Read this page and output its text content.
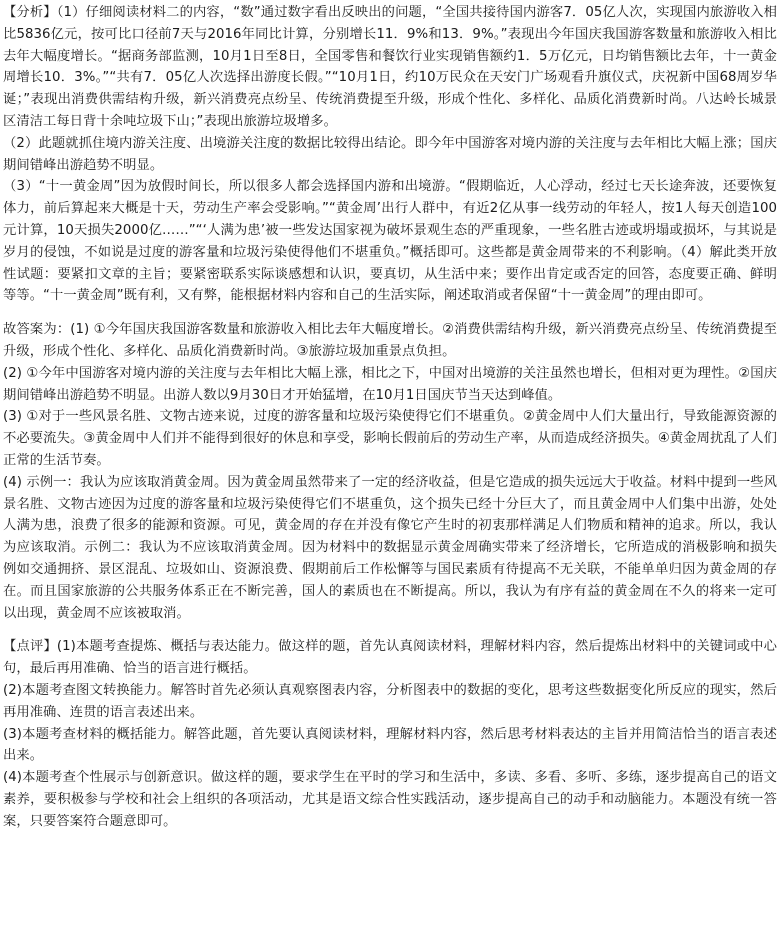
【分析】（1）仔细阅读材料二的内容，“数”通过数字看出反映出的问题，“全国共接待国内游客7．05亿人次，实现国内旅游收入相比5836亿元，按可比口径前7天与2016年同比计算，分别增长11．9%和13．9%。”表现出今年国庆我国游客数量和旅游收入相比去年大幅度增长。“据商务部监测，10月1日至8日，全国零售和餐饮行业实现销售额约1．5万亿元，日均销售额比去年，十一黄金周增长10．3%。”“共有7．05亿人次选择出游度长假。”“10月1日，约10万民众在天安门广场观看升旗仪式，庆祝新中国68周岁华诞；”表现出消费供需结构升级，新兴消费亮点纷呈、传统消费提至升级，形成个性化、多样化、品质化消费新时尚。八达岭长城景区清洁工每日背十余吨垃圾下山；”表现出旅游垃圾增多。

（2）此题就抓住境内游关注度、出境游关注度的数据比较得出结论。即今年中国游客对境内游的关注度与去年相比大幅上涨；国庆期间错峰出游趋势不明显。

（3）“十一黄金周”因为放假时间长，所以很多人都会选择国内游和出境游。“假期临近，人心浮动，经过七天长途奔波，还要恢复体力，前后算起来大概是十天，劳动生产率会受影响。”“黄金周’出行人群中，有近2亿从事一线劳动的年轻人，按1人每天创造100元计算，10天损失2000亿……”“‘人满为患’被一些发达国家视为破坏景观生态的严重现象，一些名胜古迹或坍塌或损坏，与其说是岁月的侵蚀，不如说是过度的游客量和垃圾污染使得他们不堪重负。”概括即可。这些都是黄金周带来的不利影响。（4）解此类开放性试题：要紧扣文章的主旨；要紧密联系实际谈感想和认识，要真切，从生活中来；要作出肯定或否定的回答，态度要正确、鲜明等等。“十一黄金周”既有利，又有弊，能根据材料内容和自己的生活实际，阐述取消或者保留“十一黄金周”的理由即可。

故答案为：(1) ①今年国庆我国游客数量和旅游收入相比去年大幅度增长。②消费供需结构升级，新兴消费亮点纷呈、传统消费提至升级，形成个性化、多样化、品质化消费新时尚。③旅游垃圾加重景点负担。

(2) ①今年中国游客对境内游的关注度与去年相比大幅上涨，相比之下，中国对出境游的关注虽然也增长，但相对更为理性。②国庆期间错峰出游趋势不明显。出游人数以9月30日才开始猛增，在10月1日国庆节当天达到峰值。

(3) ①对于一些风景名胜、文物古迹来说，过度的游客量和垃圾污染使得它们不堪重负。②黄金周中人们大量出行，导致能源资源的不必要流失。③黄金周中人们并不能得到很好的休息和享受，影响长假前后的劳动生产率，从而造成经济损失。④黄金周扰乱了人们正常的生活节奏。

(4) 示例一：我认为应该取消黄金周。因为黄金周虽然带来了一定的经济收益，但是它造成的损失远远大于收益。材料中提到一些风景名胜、文物古迹因为过度的游客量和垃圾污染使得它们不堪重负，这个损失已经十分巨大了，而且黄金周中人们集中出游，处处人满为患，浪费了很多的能源和资源。可见，黄金周的存在并没有像它产生时的初衷那样满足人们物质和精神的追求。所以，我认为应该取消。示例二：我认为不应该取消黄金周。因为材料中的数据显示黄金周确实带来了经济增长，它所造成的消极影响和损失例如交通拥挤、景区混乱、垃圾如山、资源浪费、假期前后工作松懈等与国民素质有待提高不无关联，不能单单归因为黄金周的存在。而且国家旅游的公共服务体系正在不断完善，国人的素质也在不断提高。所以，我认为有序有益的黄金周在不久的将来一定可以出现，黄金周不应该被取消。

【点评】(1)本题考查提炼、概括与表达能力。做这样的题，首先认真阅读材料，理解材料内容，然后提炼出材料中的关键词或中心句，最后再用准确、恰当的语言进行概括。

(2)本题考查图文转换能力。解答时首先必须认真观察图表内容，分析图表中的数据的变化，思考这些数据变化所反应的现实，然后再用准确、连贯的语言表述出来。

(3)本题考查材料的概括能力。解答此题，首先要认真阅读材料，理解材料内容，然后思考材料表达的主旨并用简洁恰当的语言表述出来。

(4)本题考查个性展示与创新意识。做这样的题，要求学生在平时的学习和生活中，多读、多看、多听、多练，逐步提高自己的语文素养，要积极参与学校和社会上组织的各项活动，尤其是语文综合性实践活动，逐步提高自己的动手和动脑能力。本题没有统一答案，只要答案符合题意即可。
